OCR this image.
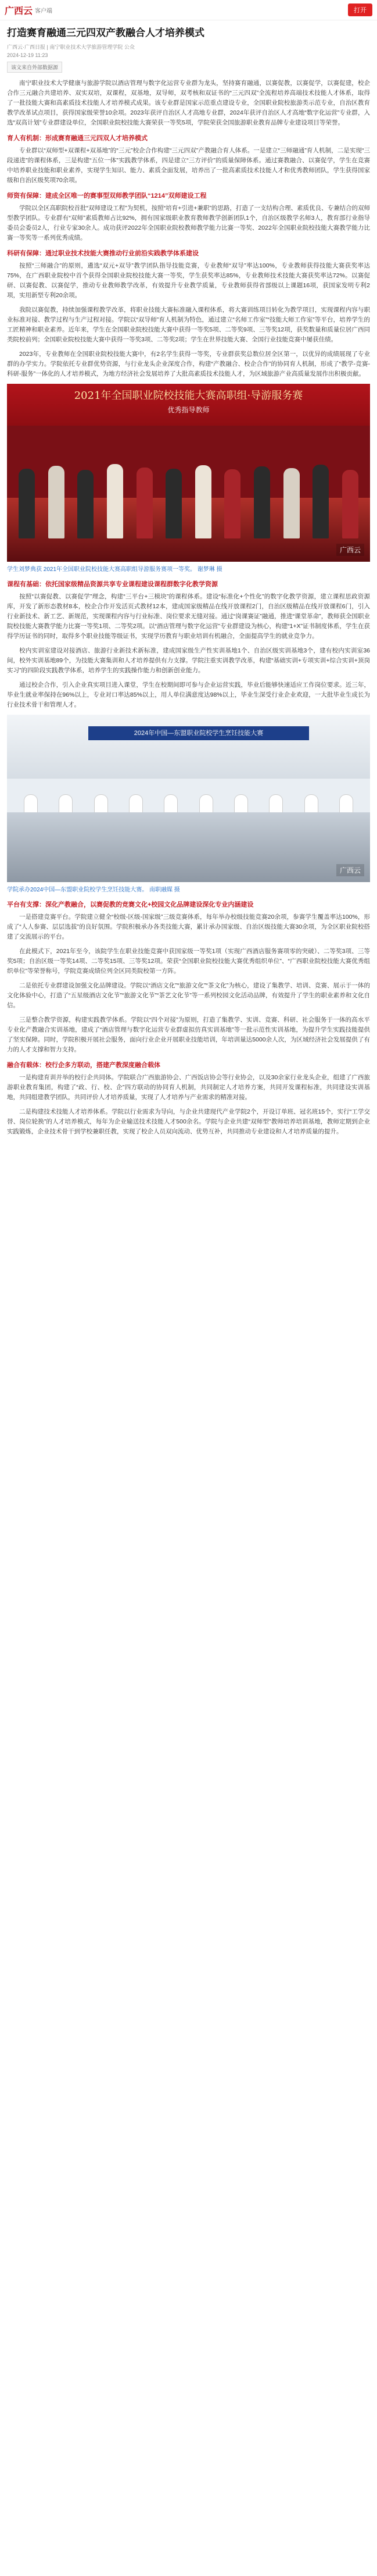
广西云 客户端	打开
打造赛育融通三元四双产教融合人才培养模式
广西云·广西日报 | 南宁职业技术大学旅游管理学院 公众
2024-12-19 11:23
该文来自外部数据源

南宁职业技术大学健康与旅游学院以酒店管理与数字化运营专业群为龙头，坚持赛育融通，以赛促教，以赛促学，以赛促建，校企合作三元融合共建培养、双实双培，双课程，双基地，双导师，双考核和双证书的“三元四双”全流程培养高端技术技能人才体系，取得了一批技能大赛和高素质技术技能人才培养模式成果。该专业群是国家示范重点建设专业，全国职业院校旅游类示范专业，自治区教育教学改革试点项目，获得国家级荣誉10余项。2023年获评自治区人才高地专业群，2024年获评自治区人才高地“数字化运营”专业群，入选“双高计划”专业群建设单位，全国职业院校技能大赛荣获一等奖5项，学院荣获全国旅游职业教育品牌专业建设项目等荣誉。

育人有机制：形成赛育融通三元四双人才培养模式

专业群以“双师型+双课程+双基地”的“三元”校企合作构建“三元四双”产教融合育人体系。一是建立“三师融通”育人机制，二是实现“三段递进”的课程体系，三是构建“五位一体”实践教学体系，四是建立“三方评价”的质量保障体系。通过赛教融合、以赛促学，学生在竞赛中培养职业技能和职业素养，实现学生知识、能力、素质全面发展，培养出了一批高素质技术技能人才和优秀教师团队，学生获得国家级和自治区级奖项70余项。

师资有保障：建成全区唯一的赛事型双师教学团队“1214”双师建设工程

学院以全区高职院校首批“双师建设工程”为契机，按照“培育+引进+兼职”的思路，打造了一支结构合理、素质优良、专兼结合的双师型教学团队。专业群有“双师”素质教师占比92%，拥有国家级职业教育教师教学创新团队1个，自治区级教学名师3人，教育部行业指导委员会委员2人，行业专家30余人。成功获评2022年全国职业院校教师教学能力比赛一等奖、2022年全国职业院校技能大赛教学能力比赛一等奖等一系列优秀成绩。

科研有保障：通过职业技术技能大赛推动行业前沿实践教学体系建设

按照“三师融合”的原则，遴选“双元+双导”教学团队指导技能竞赛，专业教师“双导”率达100%，专业教师获得技能大赛获奖率达75%，在广西职业院校中首个获得全国职业院校技能大赛一等奖，学生获奖率达85%，专业教师技术技能大赛获奖率达72%。以赛促研、以赛促教、以赛促学，推动专业教师教学改革，有效提升专业教学质量，专业教师获得省部级以上课题16项，获国家发明专利2项，实用新型专利20余项。

我院以赛促教，持续加强课程教学改革，将职业技能大赛标准融入课程体系，将大赛训练项目转化为教学项目，实现课程内容与职业标准对接、教学过程与生产过程对接。学院以“双导师”育人机制为特色，通过建立“名师工作室”“技能大师工作室”等平台，培养学生的工匠精神和职业素养。近年来，学生在全国职业院校技能大赛中获得一等奖5项、二等奖9项、三等奖12项，获奖数量和质量位居广西同类院校前列；全国职业院校技能大赛中获得一等奖3项、二等奖2项；学生在世界技能大赛、全国行业技能竞赛中屡获佳绩。

2023年，专业教师在全国职业院校技能大赛中，有2名学生获得一等奖，专业群获奖总数位居全区第一，以优异的成绩展现了专业群的办学实力。学院依托专业群优势资源，与行业龙头企业深度合作，构建“产教融合、校企合作”的协同育人机制，形成了“教学-竞赛-科研-服务”一体化的人才培养模式，为地方经济社会发展培养了大批高素质技术技能人才，为区域旅游产业高质量发展作出积极贡献。

2021年全国职业院校技能大赛高职组·导游服务赛
优秀指导教师
广西云
学生刘梦典获 2021年全国职业院校技能大赛高职组导游服务赛项一等奖。 谢梦琳 摄
课程有基础：依托国家级精品资源共享专业课程建设课程群数字化教学资源

按照“以赛促教、以赛促学”理念，构建“三平台+三模块”的课程体系。建设“标准化+个性化”的数字化教学资源，建立课程思政资源库，开发了新形态教材8本，校企合作开发活页式教材12本，建成国家级精品在线开放课程2门，自治区级精品在线开放课程6门，引入行业新技术、新工艺、新规范，实现课程内容与行业标准、岗位要求无缝对接。通过“岗课赛证”融通，推进“课堂革命”，教师获全国职业院校技能大赛教学能力比赛一等奖1项、二等奖2项。以“酒店管理与数字化运营”专业群建设为核心，构建“1+X”证书制度体系，学生在获得学历证书的同时，取得多个职业技能等级证书，实现学历教育与职业培训有机融合，全面提高学生的就业竞争力。

校内实训室建设对接酒店、旅游行业新技术新标准，建成国家级生产性实训基地1个、自治区级实训基地3个，建有校内实训室36间，校外实训基地89个，为技能大赛集训和人才培养提供有力支撑。学院注重实训教学改革，构建“基础实训+专项实训+综合实训+顶岗实习”的四阶段实践教学体系，培养学生的实践操作能力和创新创业能力。

通过校企合作，引入企业真实项目进入课堂，学生在校期间即可参与企业运营实践，毕业后能够快速适应工作岗位要求。近三年，毕业生就业率保持在96%以上，专业对口率达85%以上，用人单位满意度达98%以上，毕业生深受行业企业欢迎，一大批毕业生成长为行业技术骨干和管理人才。

2024年中国—东盟职业院校学生烹饪技能大赛
广西云
学院承办2024中国—东盟职业院校学生烹饪技能大赛。 南职融媒 摄
平台有支撑：深化产教融合，以赛促教的竞赛文化+校园文化品牌建设深化专业内涵建设

一是搭建竞赛平台。学院建立健全“校级-区级-国家级”三级竞赛体系，每年举办校级技能竞赛20余项，参赛学生覆盖率达100%，形成了“人人参赛、层层选拔”的良好氛围。学院积极承办各类技能大赛，累计承办国家级、自治区级技能大赛30余项，为全区职业院校搭建了交流展示的平台。

在此模式下，2021年至今，该院学生在职业技能竞赛中获国家级一等奖1项（实现广西酒店服务赛项零的突破）、二等奖3项、三等奖5项；自治区级一等奖14项、二等奖15项、三等奖12项。荣获“全国职业院校技能大赛优秀组织单位”、“广西职业院校技能大赛优秀组织单位”等荣誉称号，学院竞赛成绩位列全区同类院校第一方阵。

二是依托专业群建设加强文化品牌建设。学院以“酒店文化”“旅游文化”“茶文化”为核心，建设了集教学、培训、竞赛、展示于一体的文化体验中心，打造了“五星级酒店文化节”“旅游文化节”“茶艺文化节”等一系列校园文化活动品牌，有效提升了学生的职业素养和文化自信。

三是整合教学资源，构建实践教学体系。学院以“四个对接”为原则，打造了集教学、实训、竞赛、科研、社会服务于一体的高水平专业化产教融合实训基地，建成了“酒店管理与数字化运营专业群虚拟仿真实训基地”等一批示范性实训基地，为提升学生实践技能提供了坚实保障。同时，学院积极开展社会服务，面向行业企业开展职业技能培训，年培训量达5000余人次，为区域经济社会发展提供了有力的人才支撑和智力支持。

融合有载体：校行企多方联动，搭建产教深度融合载体

一是构建育训并举的校行企共同体。学院联合广西旅游协会、广西饭店协会等行业协会，以及30余家行业龙头企业，组建了广西旅游职业教育集团，构建了“政、行、校、企”四方联动的协同育人机制，共同制定人才培养方案，共同开发课程标准，共同建设实训基地，共同组建教学团队，共同评价人才培养质量，实现了人才培养与产业需求的精准对接。

二是构建技术技能人才培养体系。学院以行业需求为导向，与企业共建现代产业学院2个，开设订单班、冠名班15个，实行“工学交替、岗位轮换”的人才培养模式，每年为企业输送技术技能人才500余名。学院与企业共建“双师型”教师培养培训基地，教师定期到企业实践锻炼，企业技术骨干到学校兼职任教，实现了校企人员双向流动、优势互补，共同推动专业建设和人才培养质量的提升。
